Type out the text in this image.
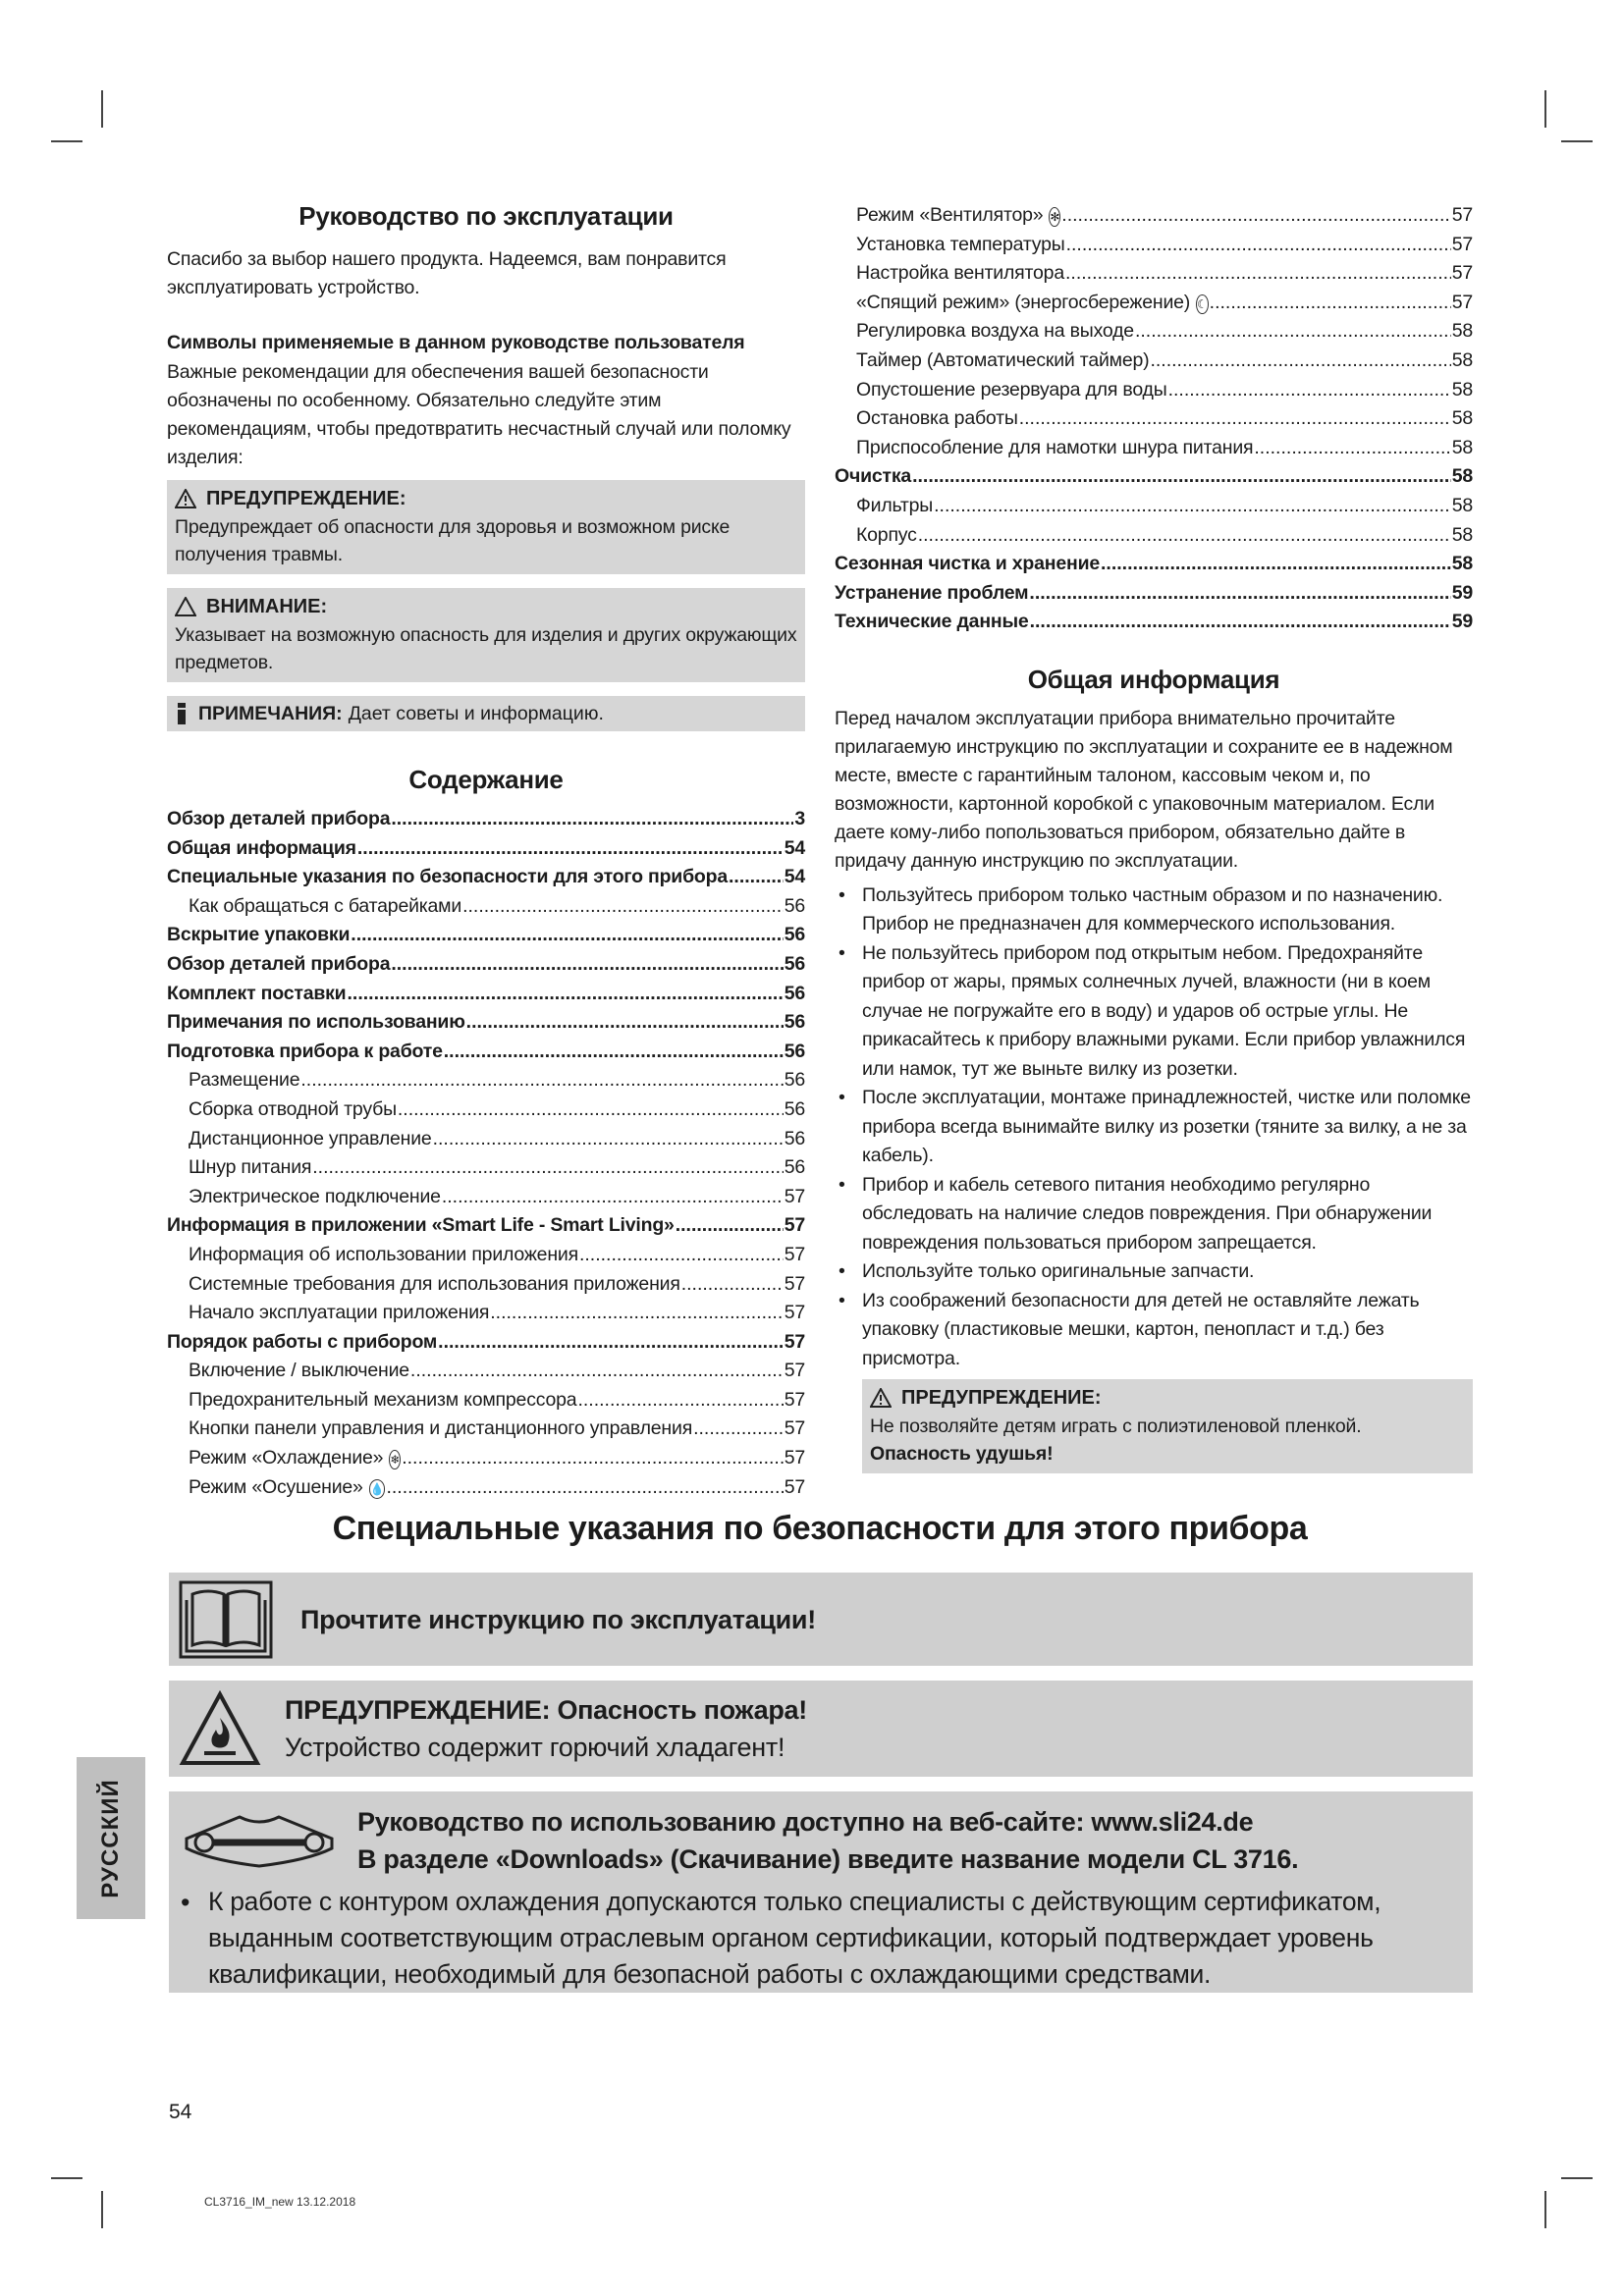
Руководство по эксплуатации

Спасибо за выбор нашего продукта. Надеемся, вам понравится эксплуатировать устройство.

Символы применяемые в данном руководстве пользователя

Важные рекомендации для обеспечения вашей безопасности обозначены по особенному. Обязательно следуйте этим рекомендациям, чтобы предотвратить несчастный случай или поломку изделия:

ПРЕДУПРЕЖДЕНИЕ:
Предупреждает об опасности для здоровья и возможном риске получения травмы.
ВНИМАНИЕ:
Указывает на возможную опасность для изделия и других окружающих предметов.
ПРИМЕЧАНИЯ: Дает советы и информацию.
Содержание
Обзор деталей прибора .....	3
Общая информация .....	54
Специальные указания по безопасности для этого прибора .....	54
Как обращаться с батарейками .....	56
Вскрытие упаковки .....	56
Обзор деталей прибора .....	56
Комплект поставки .....	56
Примечания по использованию .....	56
Подготовка прибора к работе .....	56
Размещение .....	56
Сборка отводной трубы .....	56
Дистанционное управление .....	56
Шнур питания .....	56
Электрическое подключение .....	57
Информация в приложении «Smart Life - Smart Living» .....	57
Информация об использовании приложения .....	57
Системные требования для использования приложения .....	57
Начало эксплуатации приложения .....	57
Порядок работы с прибором .....	57
Включение / выключение .....	57
Предохранительный механизм компрессора .....	57
Кнопки панели управления и дистанционного управления .....	57
Режим «Охлаждение» ❄ .....	57
Режим «Осушение» 💧 .....	57
Режим «Вентилятор» ✻ .....	57
Установка температуры .....	57
Настройка вентилятора .....	57
«Спящий режим» (энергосбережение) ☾ .....	57
Регулировка воздуха на выходе .....	58
Таймер (Автоматический таймер) .....	58
Опустошение резервуара для воды .....	58
Остановка работы .....	58
Приспособление для намотки шнура питания .....	58
Очистка .....	58
Фильтры .....	58
Корпус .....	58
Сезонная чистка и хранение .....	58
Устранение проблем .....	59
Технические данные .....	59
Общая информация

Перед началом эксплуатации прибора внимательно прочитайте прилагаемую инструкцию по эксплуатации и сохраните ее в надежном месте, вместе с гарантийным талоном, кассовым чеком и, по возможности, картонной коробкой с упаковочным материалом. Если даете кому-либо попользоваться прибором, обязательно дайте в придачу данную инструкцию по эксплуатации.

• Пользуйтесь прибором только частным образом и по назначению. Прибор не предназначен для коммерческого использования.
• Не пользуйтесь прибором под открытым небом. Предохраняйте прибор от жары, прямых солнечных лучей, влажности (ни в коем случае не погружайте его в воду) и ударов об острые углы. Не прикасайтесь к прибору влажными руками. Если прибор увлажнился или намок, тут же выньте вилку из розетки.
• После эксплуатации, монтаже принадлежностей, чистке или поломке прибора всегда вынимайте вилку из розетки (тяните за вилку, а не за кабель).
• Прибор и кабель сетевого питания необходимо регулярно обследовать на наличие следов повреждения. При обнаружении повреждения пользоваться прибором запрещается.
• Используйте только оригинальные запчасти.
• Из соображений безопасности для детей не оставляйте лежать упаковку (пластиковые мешки, картон, пенопласт и т.д.) без присмотра.
ПРЕДУПРЕЖДЕНИЕ:
Не позволяйте детям играть с полиэтиленовой пленкой.
Опасность удушья!
Специальные указания по безопасности для этого прибора
Прочтите инструкцию по эксплуатации!
ПРЕДУПРЕЖДЕНИЕ: Опасность пожара!
Устройство содержит горючий хладагент!
Руководство по использованию доступно на веб-сайте: www.sli24.de
В разделе «Downloads» (Скачивание) введите название модели CL 3716.
• К работе с контуром охлаждения допускаются только специалисты с действующим сертификатом, выданным соответствующим отраслевым органом сертификации, который подтверждает уровень квалификации, необходимый для безопасной работы с охлаждающими средствами.
РУССКИЙ
54
CL3716_IM_new 13.12.2018
